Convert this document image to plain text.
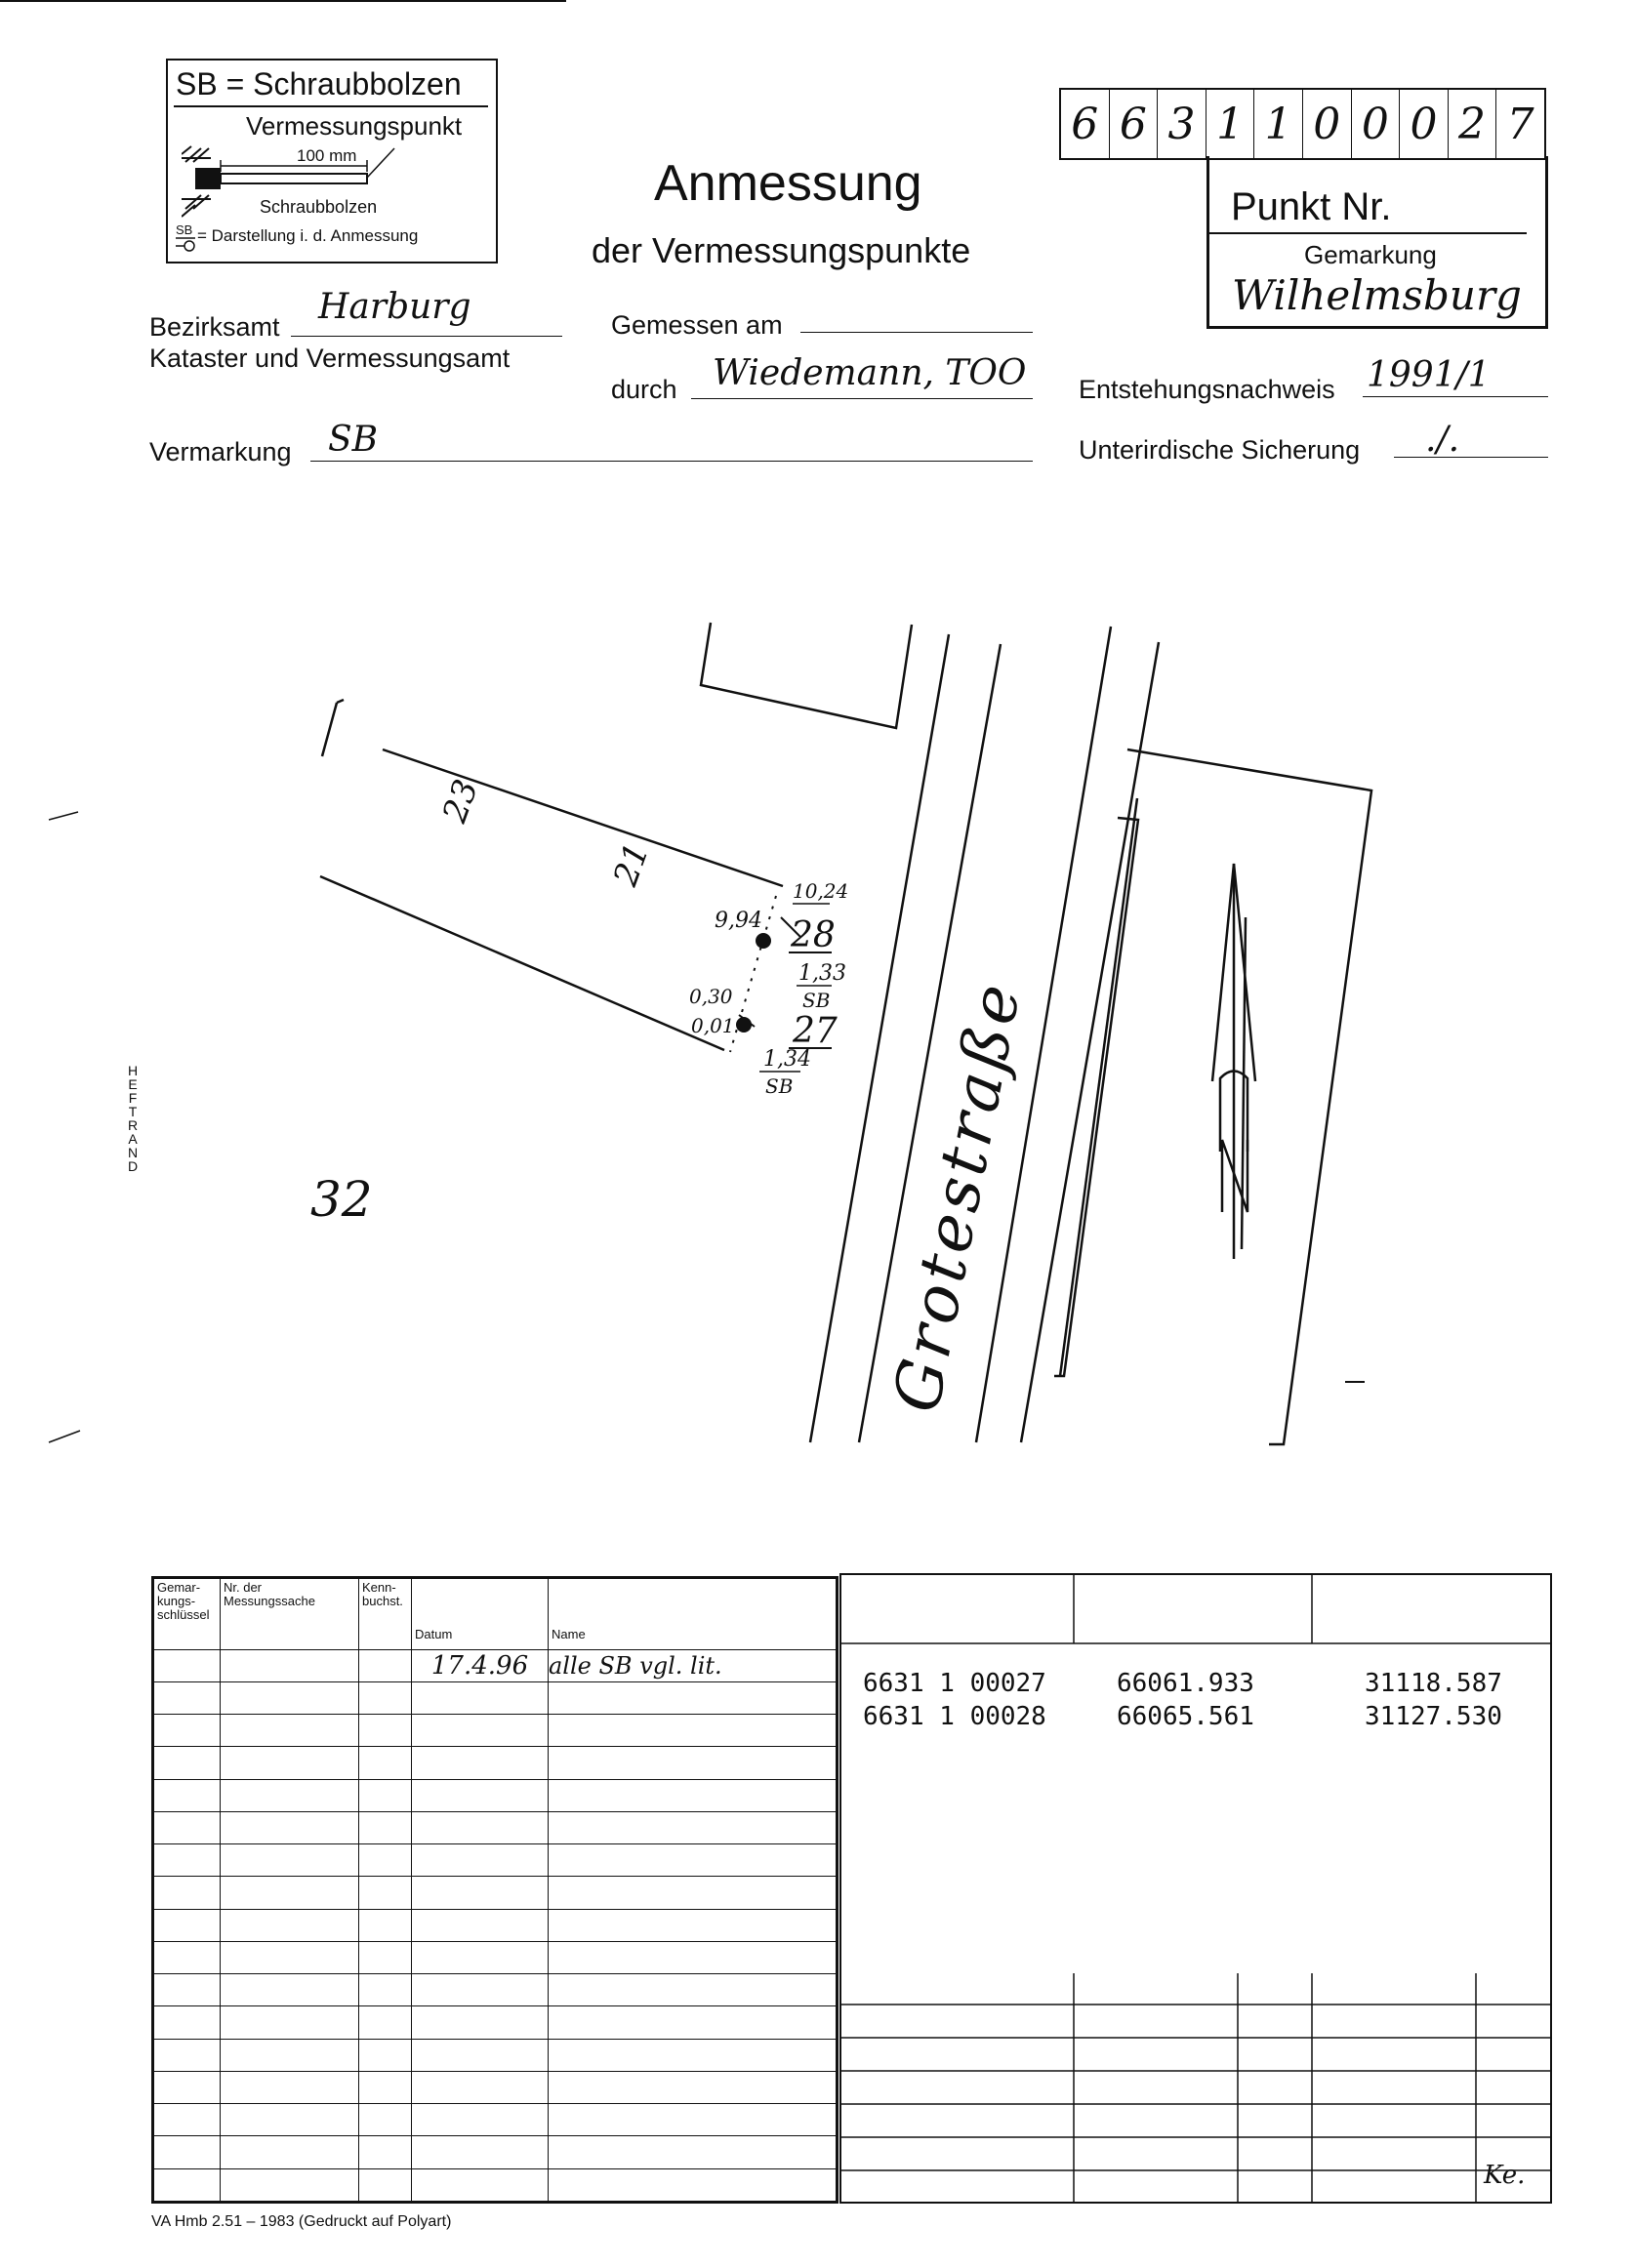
SB = Schraubbolzen
Vermessungspunkt
100 mm
Schraubbolzen
SB = Darstellung i. d. Anmessung
Anmessung
der Vermessungspunkte
6 6 3 1 1 0 0 0 2 7
Punkt Nr.
Gemarkung
Wilhelmsburg
Bezirksamt Harburg
Kataster und Vermessungsamt
Gemessen am
durch Wiedemann, TOO Entstehungsnachweis 1991/1
Vermarkung SB	Unterirdische Sicherung ./.
H
E
F
T
R
A
N
D
23
21
32	Grotestraße
10,24
9,94
0,30
0,01
28
1,33
SB
27
1,34
SB
Gemar-kungs-schlüssel	Nr. der Messungssache	Kenn-buchst.	Datum	Name
			17.4.96	alle SB vgl. lit.

6631 1 00027	66061.933	31118.587
6631 1 00028	66065.561	31127.530
Ke.
VA Hmb 2.51 – 1983 (Gedruckt auf Polyart)
